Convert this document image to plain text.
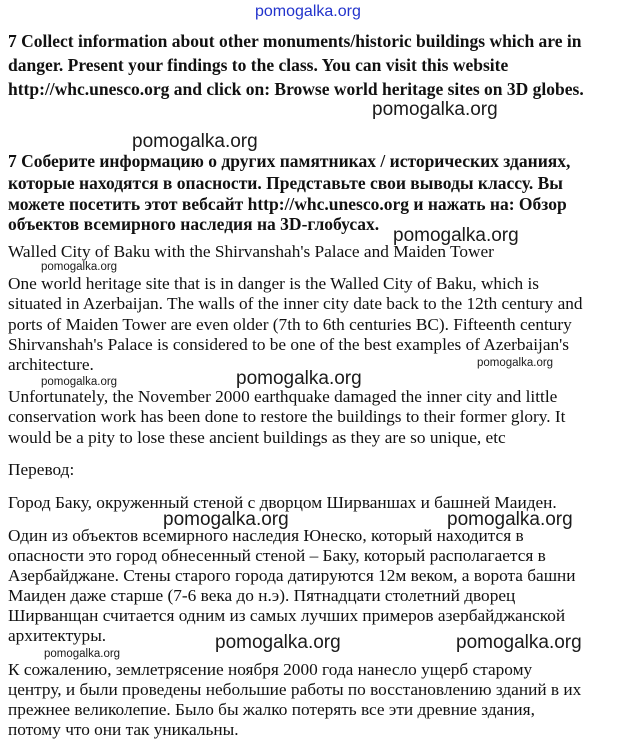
pomogalka.org
7 Collect information about other monuments/historic buildings which are in
danger. Present your findings to the class. You can visit this website
http://whc.unesco.org and click on: Browse world heritage sites on 3D globes.
pomogalka.org
pomogalka.org
7 Соберите информацию о других памятниках / исторических зданиях,
которые находятся в опасности. Представьте свои выводы классу. Вы
можете посетить этот вебсайт http://whc.unesco.org и нажать на: Обзор
объектов всемирного наследия на 3D-глобусах.
pomogalka.org
Walled City of Baku with the Shirvanshah's Palace and Maiden Tower
pomogalka.org
One world heritage site that is in danger is the Walled City of Baku, which is
situated in Azerbaijan. The walls of the inner city date back to the 12th century and
ports of Maiden Tower are even older (7th to 6th centuries BC). Fifteenth century
Shirvanshah's Palace is considered to be one of the best examples of Azerbaijan's
architecture.	pomogalka.org
pomogalka.org
pomogalka.org
Unfortunately, the November 2000 earthquake damaged the inner city and little
conservation work has been done to restore the buildings to their former glory. It
would be a pity to lose these ancient buildings as they are so unique, etc
Перевод:
Город Баку, окруженный стеной с дворцом Ширваншах и башней Маиден.
pomogalka.org	pomogalka.org
Один из объектов всемирного наследия Юнеско, который находится в
опасности это город обнесенный стеной – Баку, который располагается в
Азербайджане. Стены старого города датируются 12м веком, а ворота башни
Маиден даже старше (7-6 века до н.э). Пятнадцати столетний дворец
Ширванщан считается одним из самых лучших примеров азербайджанской
архитектуры.	pomogalka.org	pomogalka.org
pomogalka.org
К сожалению, землетрясение ноября 2000 года нанесло ущерб старому
центру, и были проведены небольшие работы по восстановлению зданий в их
прежнее великолепие. Было бы жалко потерять все эти древние здания,
потому что они так уникальны.
